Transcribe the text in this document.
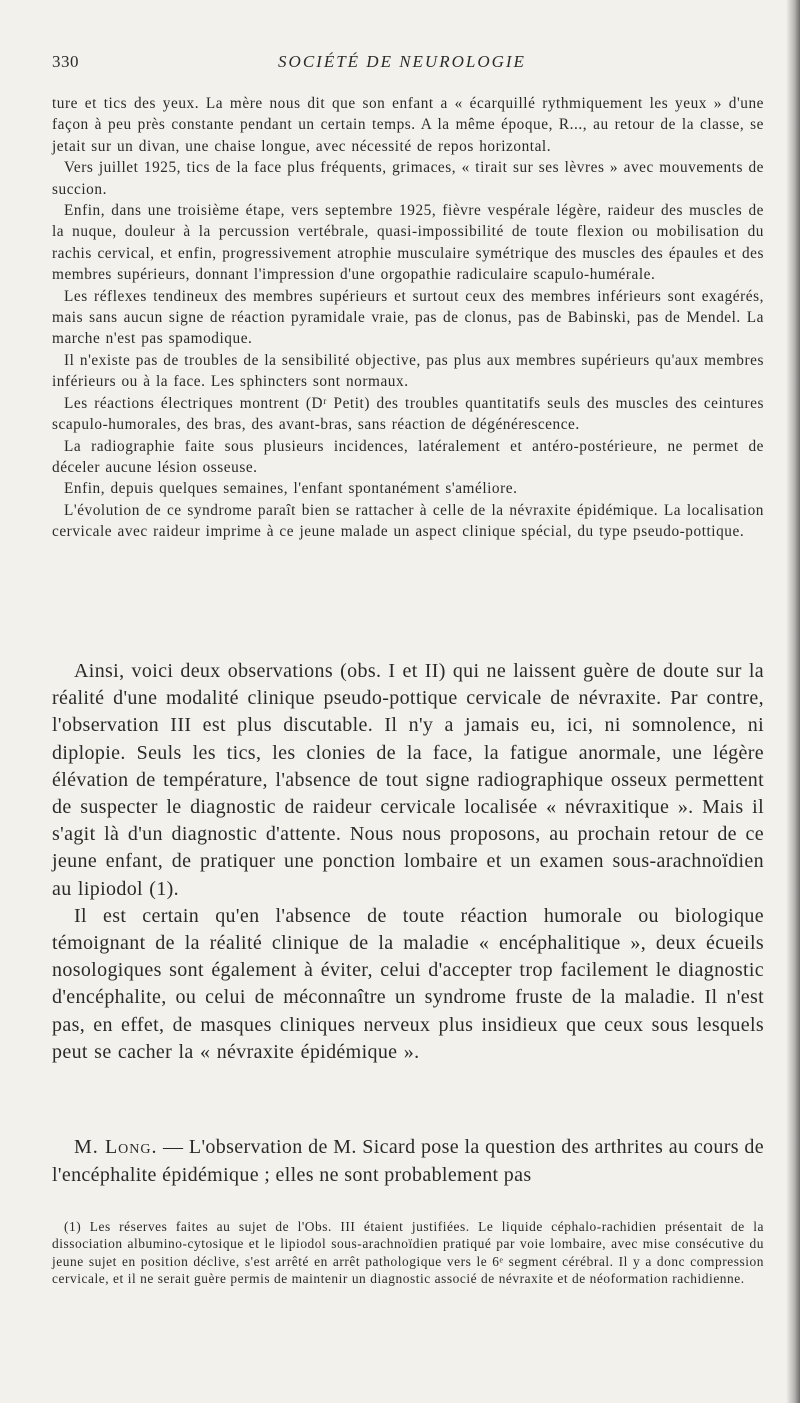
330	SOCIÉTÉ DE NEUROLOGIE

ture et tics des yeux. La mère nous dit que son enfant a « écarquillé rythmiquement les yeux » d'une façon à peu près constante pendant un certain temps. A la même époque, R..., au retour de la classe, se jetait sur un divan, une chaise longue, avec nécessité de repos horizontal.

Vers juillet 1925, tics de la face plus fréquents, grimaces, « tirait sur ses lèvres » avec mouvements de succion.

Enfin, dans une troisième étape, vers septembre 1925, fièvre vespérale légère, raideur des muscles de la nuque, douleur à la percussion vertébrale, quasi-impossibilité de toute flexion ou mobilisation du rachis cervical, et enfin, progressivement atrophie musculaire symétrique des muscles des épaules et des membres supérieurs, donnant l'impression d'une orgopathie radiculaire scapulo-humérale.

Les réflexes tendineux des membres supérieurs et surtout ceux des membres inférieurs sont exagérés, mais sans aucun signe de réaction pyramidale vraie, pas de clonus, pas de Babinski, pas de Mendel. La marche n'est pas spamodique.

Il n'existe pas de troubles de la sensibilité objective, pas plus aux membres supérieurs qu'aux membres inférieurs ou à la face. Les sphincters sont normaux.

Les réactions électriques montrent (Dʳ Petit) des troubles quantitatifs seuls des muscles des ceintures scapulo-humorales, des bras, des avant-bras, sans réaction de dégénérescence.

La radiographie faite sous plusieurs incidences, latéralement et antéro-postérieure, ne permet de déceler aucune lésion osseuse.

Enfin, depuis quelques semaines, l'enfant spontanément s'améliore.

L'évolution de ce syndrome paraît bien se rattacher à celle de la névraxite épidémique. La localisation cervicale avec raideur imprime à ce jeune malade un aspect clinique spécial, du type pseudo-pottique.

Ainsi, voici deux observations (obs. I et II) qui ne laissent guère de doute sur la réalité d'une modalité clinique pseudo-pottique cervicale de névraxite. Par contre, l'observation III est plus discutable. Il n'y a jamais eu, ici, ni somnolence, ni diplopie. Seuls les tics, les clonies de la face, la fatigue anormale, une légère élévation de température, l'absence de tout signe radiographique osseux permettent de suspecter le diagnostic de raideur cervicale localisée « névraxitique ». Mais il s'agit là d'un diagnostic d'attente. Nous nous proposons, au prochain retour de ce jeune enfant, de pratiquer une ponction lombaire et un examen sous-arachnoïdien au lipiodol (1).

Il est certain qu'en l'absence de toute réaction humorale ou biologique témoignant de la réalité clinique de la maladie « encéphalitique », deux écueils nosologiques sont également à éviter, celui d'accepter trop facilement le diagnostic d'encéphalite, ou celui de méconnaître un syndrome fruste de la maladie. Il n'est pas, en effet, de masques cliniques nerveux plus insidieux que ceux sous lesquels peut se cacher la « névraxite épidémique ».

M. Long. — L'observation de M. Sicard pose la question des arthrites au cours de l'encéphalite épidémique ; elles ne sont probablement pas

(1) Les réserves faites au sujet de l'Obs. III étaient justifiées. Le liquide céphalo-rachidien présentait de la dissociation albumino-cytosique et le lipiodol sous-arachnoïdien pratiqué par voie lombaire, avec mise consécutive du jeune sujet en position déclive, s'est arrêté en arrêt pathologique vers le 6ᵉ segment cérébral. Il y a donc compression cervicale, et il ne serait guère permis de maintenir un diagnostic associé de névraxite et de néoformation rachidienne.
